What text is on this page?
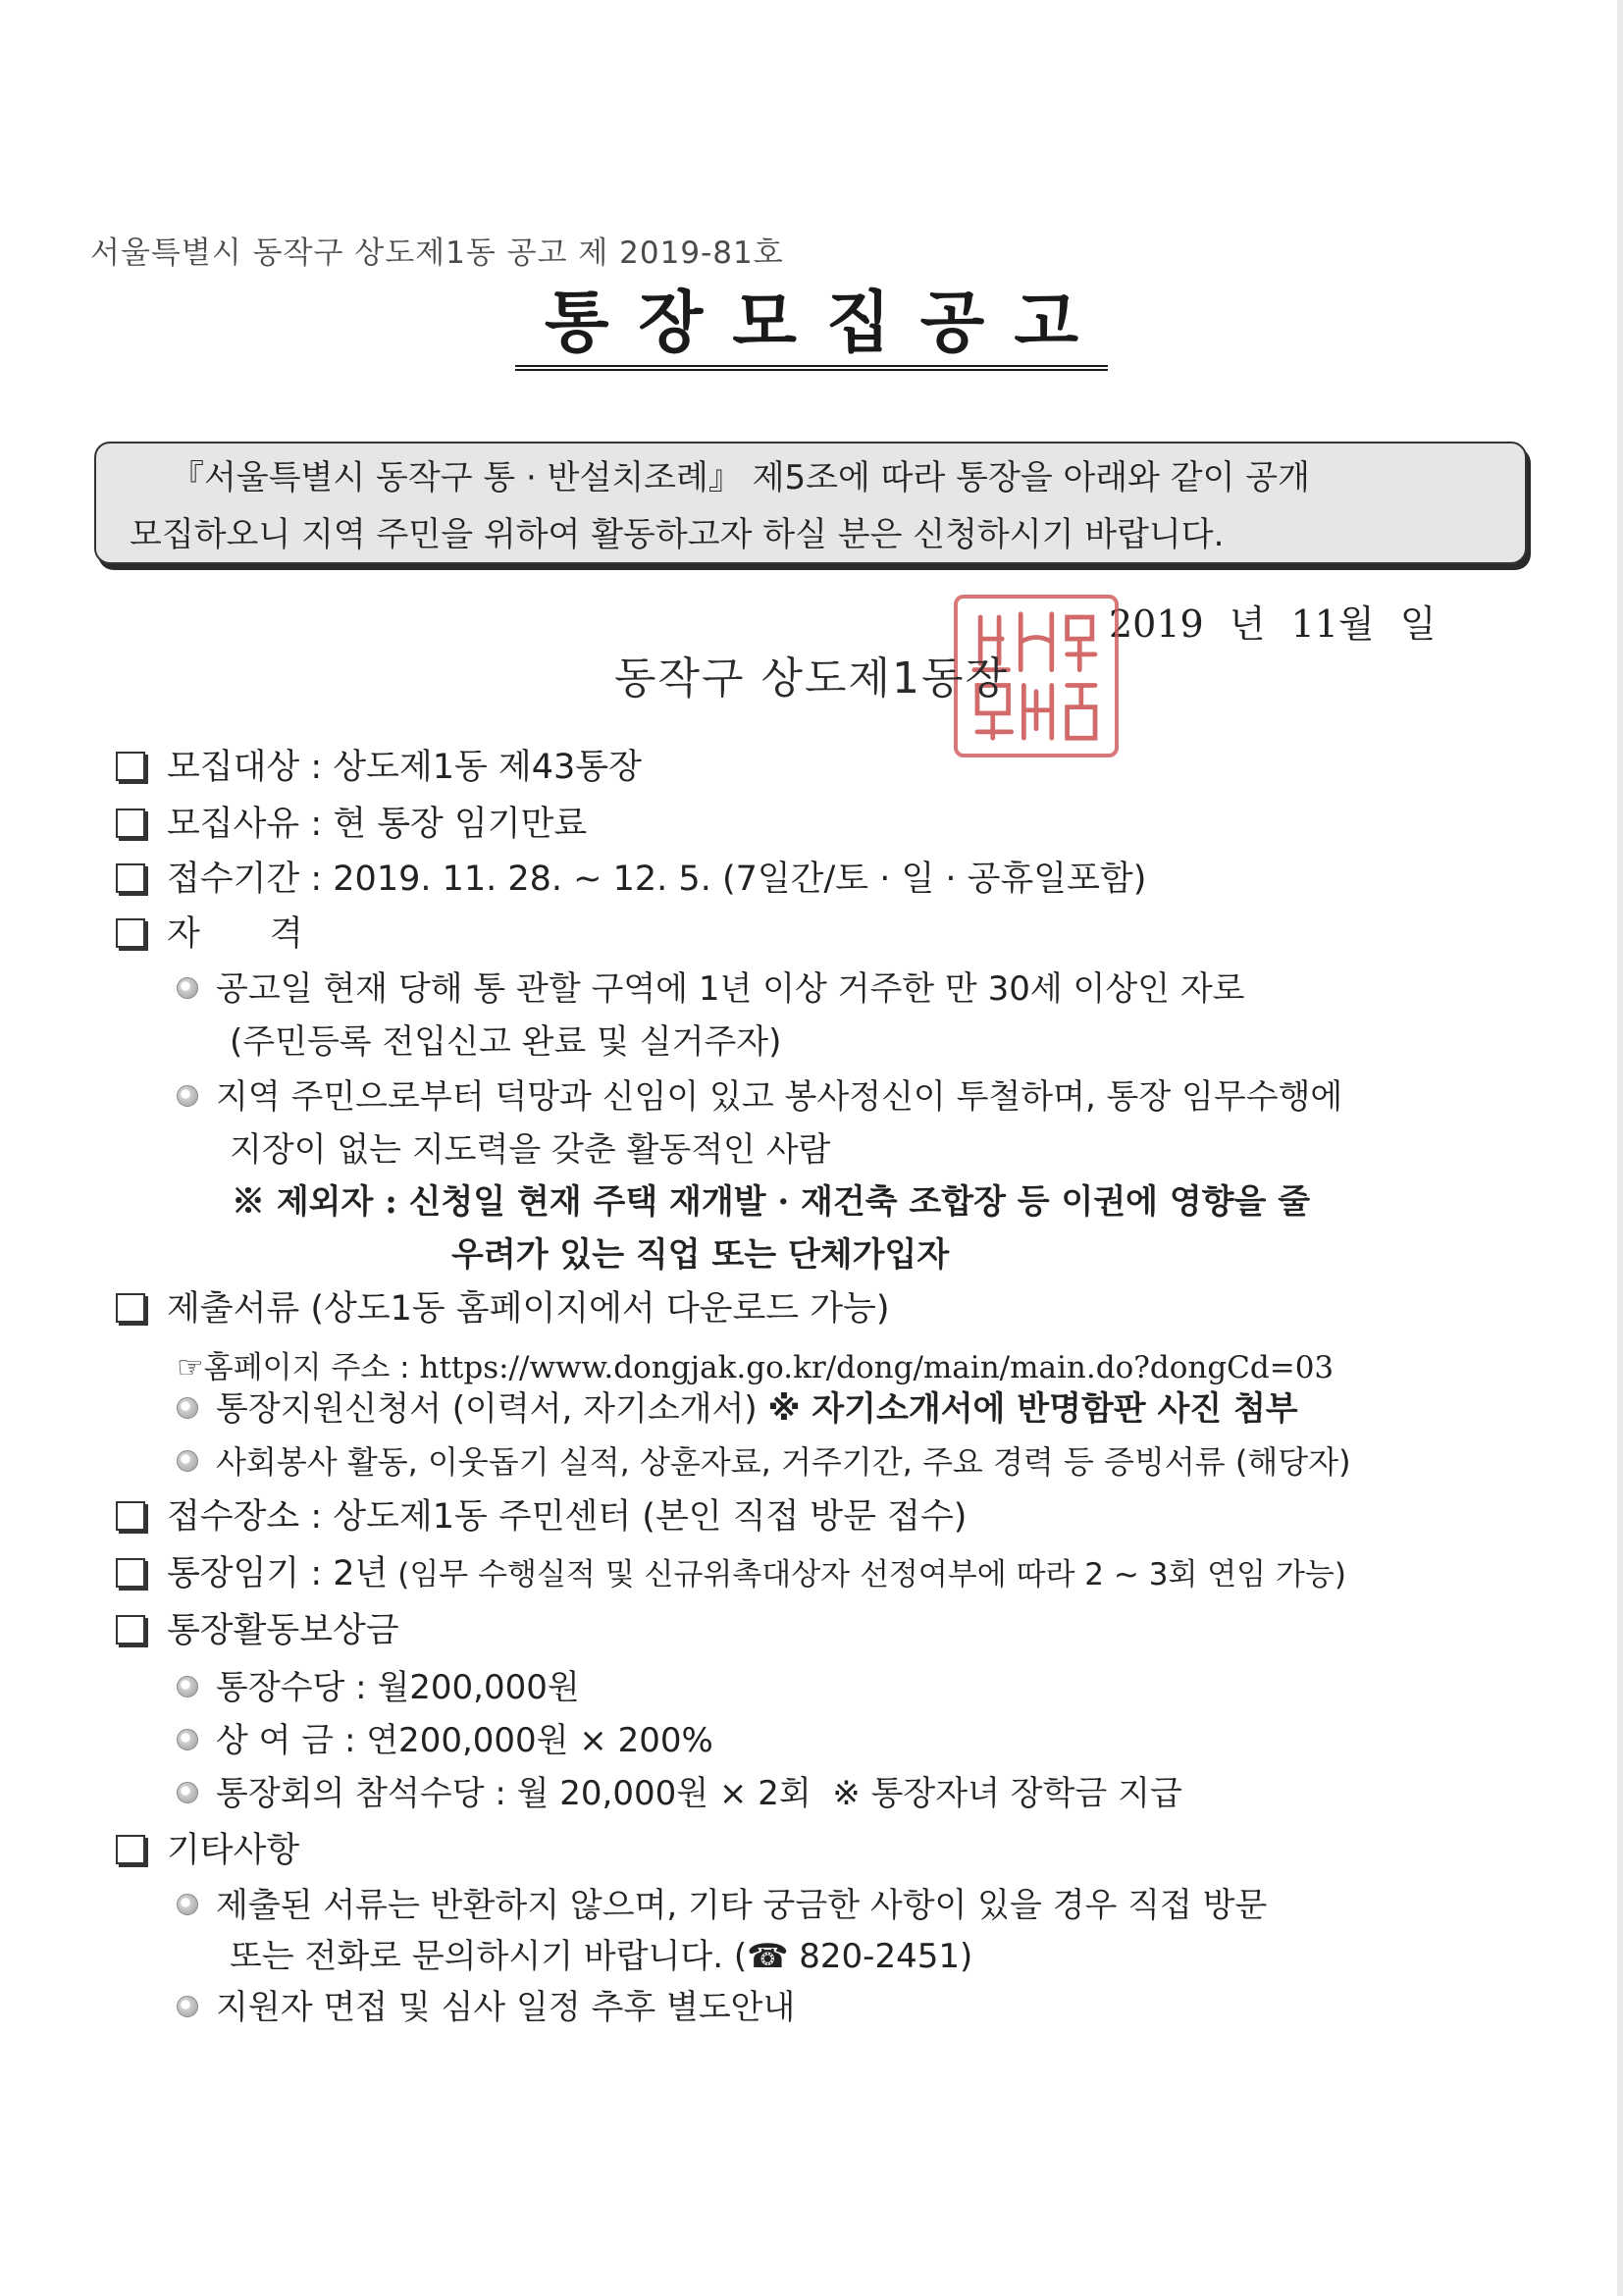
서울특별시 동작구 상도제1동 공고 제 2019-81호
통장모집공고
『서울특별시 동작구 통 · 반설치조례』 제5조에 따라 통장을 아래와 같이 공개
모집하오니 지역 주민을 위하여 활동하고자 하실 분은 신청하시기 바랍니다.
2019 년 11월 일
동작구 상도제1동장
모집대상 : 상도제1동 제43통장
모집사유 : 현 통장 임기만료
접수기간 : 2019. 11. 28. ~ 12. 5. (7일간/토 · 일 · 공휴일포함)
자 격
공고일 현재 당해 통 관할 구역에 1년 이상 거주한 만 30세 이상인 자로
(주민등록 전입신고 완료 및 실거주자)
지역 주민으로부터 덕망과 신임이 있고 봉사정신이 투철하며, 통장 임무수행에
지장이 없는 지도력을 갖춘 활동적인 사람
※ 제외자 : 신청일 현재 주택 재개발 · 재건축 조합장 등 이권에 영향을 줄
우려가 있는 직업 또는 단체가입자
제출서류 (상도1동 홈페이지에서 다운로드 가능)
☞홈페이지 주소 : https://www.dongjak.go.kr/dong/main/main.do?dongCd=03
통장지원신청서 (이력서, 자기소개서) ※ 자기소개서에 반명함판 사진 첨부
사회봉사 활동, 이웃돕기 실적, 상훈자료, 거주기간, 주요 경력 등 증빙서류 (해당자)
접수장소 : 상도제1동 주민센터 (본인 직접 방문 접수)
통장임기 : 2년 (임무 수행실적 및 신규위촉대상자 선정여부에 따라 2 ~ 3회 연임 가능)
통장활동보상금
통장수당 : 월200,000원
상 여 금 : 연200,000원 × 200%
통장회의 참석수당 : 월 20,000원 × 2회  ※ 통장자녀 장학금 지급
기타사항
제출된 서류는 반환하지 않으며, 기타 궁금한 사항이 있을 경우 직접 방문
또는 전화로 문의하시기 바랍니다. (☎ 820-2451)
지원자 면접 및 심사 일정 추후 별도안내
